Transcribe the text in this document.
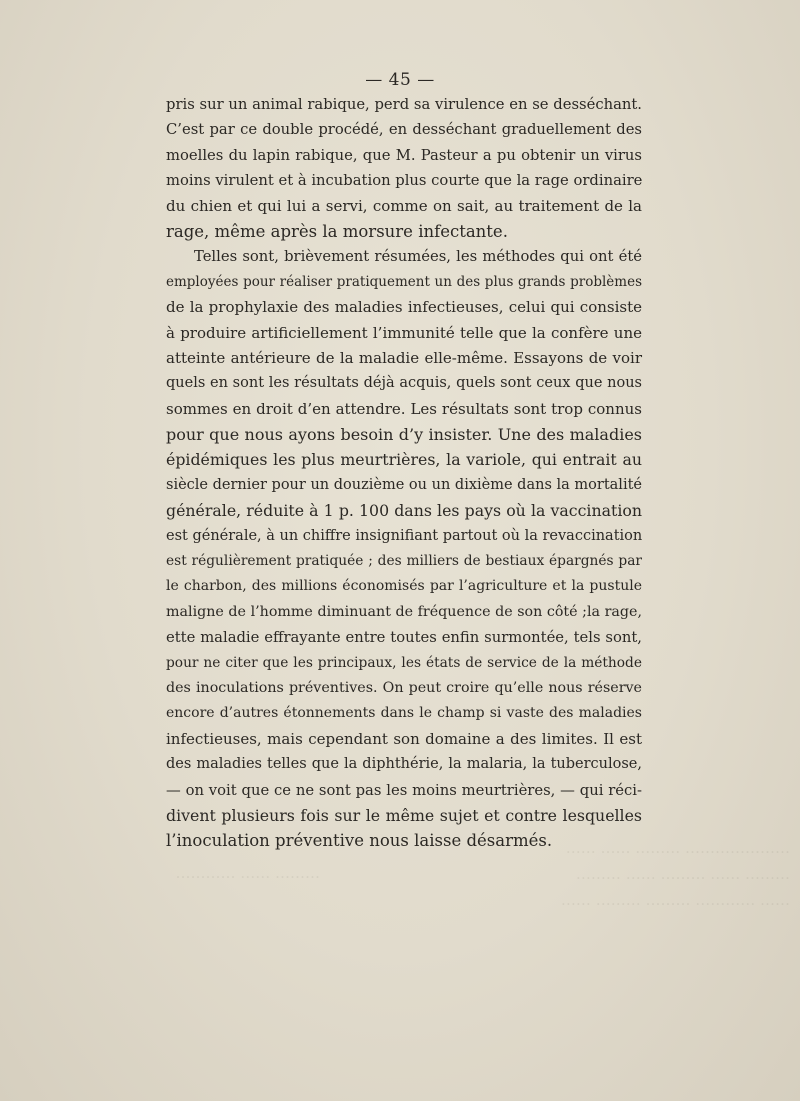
………………… ……… …… ……
……… …… ……… …… ………
…… ………… ……… ……… ……
……… …… …………
— 45 —
pris sur un animal rabique, perd sa virulence en se desséchant.
C’est par ce double procédé, en desséchant graduellement des
moelles du lapin rabique, que M. Pasteur a pu obtenir un virus
moins virulent et à incubation plus courte que la rage ordinaire
du chien et qui lui a servi, comme on sait, au traitement de la
rage, même après la morsure infectante.
Telles sont, brièvement résumées, les méthodes qui ont été
employées pour réaliser pratiquement un des plus grands problèmes
de la prophylaxie des maladies infectieuses, celui qui consiste
à produire artificiellement l’immunité telle que la confère une
atteinte antérieure de la maladie elle-même. Essayons de voir
quels en sont les résultats déjà acquis, quels sont ceux que nous
sommes en droit d’en attendre. Les résultats sont trop connus
pour que nous ayons besoin d’y insister. Une des maladies
épidémiques les plus meurtrières, la variole, qui entrait au
siècle dernier pour un douzième ou un dixième dans la mortalité
générale, réduite à 1 p. 100 dans les pays où la vaccination
est générale, à un chiffre insignifiant partout où la revaccination
est régulièrement pratiquée ; des milliers de bestiaux épargnés par
le charbon, des millions économisés par l’agriculture et la pustule
maligne de l’homme diminuant de fréquence de son côté ;la rage,
ette maladie effrayante entre toutes enfin surmontée, tels sont,
pour ne citer que les principaux, les états de service de la méthode
des inoculations préventives. On peut croire qu’elle nous réserve
encore d’autres étonnements dans le champ si vaste des maladies
infectieuses, mais cependant son domaine a des limites. Il est
des maladies telles que la diphthérie, la malaria, la tuberculose,
— on voit que ce ne sont pas les moins meurtrières, — qui réci-
divent plusieurs fois sur le même sujet et contre lesquelles
l’inoculation préventive nous laisse désarmés.
